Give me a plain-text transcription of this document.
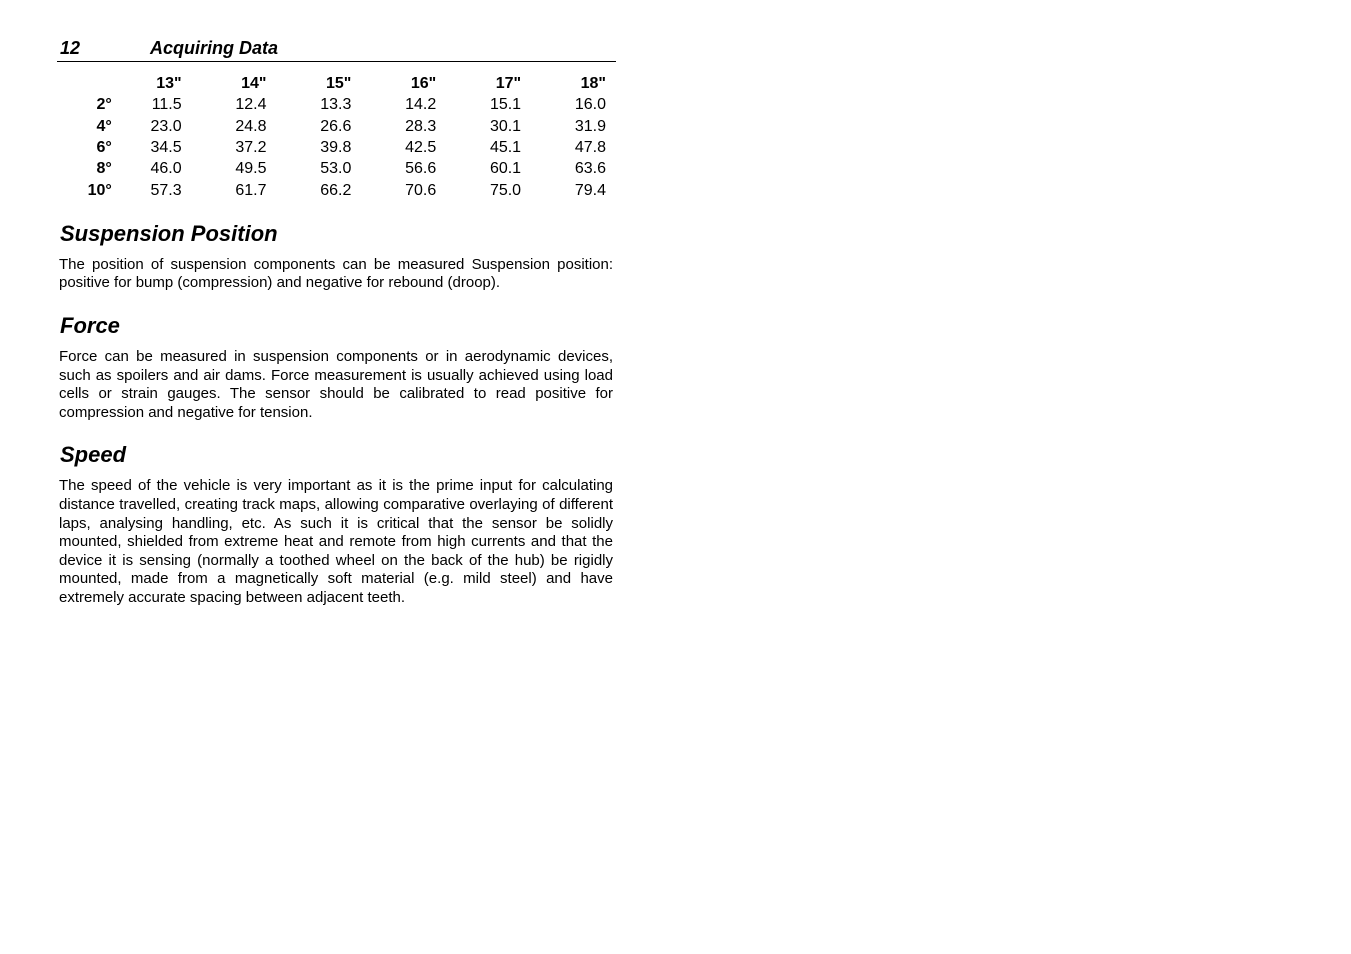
12	Acquiring Data
	13"	14"	15"	16"	17"	18"
2°	11.5	12.4	13.3	14.2	15.1	16.0
4°	23.0	24.8	26.6	28.3	30.1	31.9
6°	34.5	37.2	39.8	42.5	45.1	47.8
8°	46.0	49.5	53.0	56.6	60.1	63.6
10°	57.3	61.7	66.2	70.6	75.0	79.4
Suspension Position

The position of suspension components can be measured Suspension position: positive for bump (compression) and negative for rebound (droop).

Force

Force can be measured in suspension components or in aerodynamic devices, such as spoilers and air dams. Force measurement is usually achieved using load cells or strain gauges. The sensor should be calibrated to read positive for compression and negative for tension.

Speed

The speed of the vehicle is very important as it is the prime input for calculating distance travelled, creating track maps, allowing comparative overlaying of different laps, analysing handling, etc. As such it is critical that the sensor be solidly mounted, shielded from extreme heat and remote from high currents and that the device it is sensing (normally a toothed wheel on the back of the hub) be rigidly mounted, made from a magnetically soft material (e.g. mild steel) and have extremely accurate spacing between adjacent teeth.
